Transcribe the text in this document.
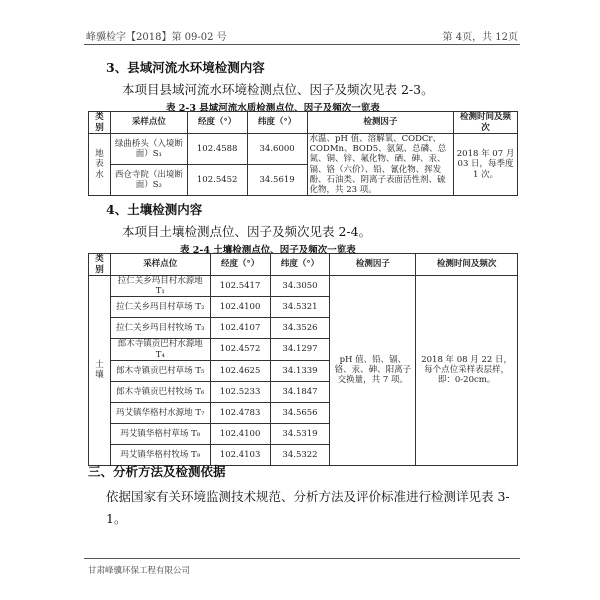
峰骥检字【2018】第 09-02 号	第 4页，共 12页
3、县域河流水环境检测内容
本项目县域河流水环境检测点位、因子及频次见表 2-3。
表 2-3 县域河流水质检测点位、因子及频次一览表
类别	采样点位	经度（°）	纬度（°）	检测因子	检测时间及频次
地表水	绿曲桥头（入境断面）S₁	102.4588	34.6000	水温、pH 值、溶解氧、CODCr、CODMn、BOD5、氨氮、总磷、总氮、铜、锌、氟化物、硒、砷、汞、镉、铬（六价）、铅、氰化物、挥发酚、石油类、阴离子表面活性剂、硫化物，共 23 项。	2018 年 07 月 03 日，每季度 1 次。
	西仓寺院（出境断面）S₂	102.5452	34.5619		
4、土壤检测内容
本项目土壤检测点位、因子及频次见表 2-4。
表 2-4 土壤检测点位、因子及频次一览表
类别	采样点位	经度（°）	纬度（°）	检测因子	检测时间及频次
土壤	拉仁关乡玛目村水源地 T₁	102.5417	34.3050	pH 值、铅、镉、铬、汞、砷、阳离子交换量，共 7 项。	2018 年 08 月 22 日，每个点位采样表层样，即：0-20cm。
	拉仁关乡玛目村草场 T₂	102.4100	34.5321		
	拉仁关乡玛目村牧场 T₃	102.4107	34.3526		
	郎木寺镇贡巴村水源地 T₄	102.4572	34.1297		
	郎木寺镇贡巴村草场 T₅	102.4625	34.1339		
	郎木寺镇贡巴村牧场 T₆	102.5233	34.1847		
	玛艾镇华格村水源地 T₇	102.4783	34.5656		
	玛艾镇华格村草场 T₈	102.4100	34.5319		
	玛艾镇华格村牧场 T₉	102.4103	34.5322		
三、分析方法及检测依据
依据国家有关环境监测技术规范、分析方法及评价标准进行检测详见表 3-1。
甘肃峰骥环保工程有限公司
